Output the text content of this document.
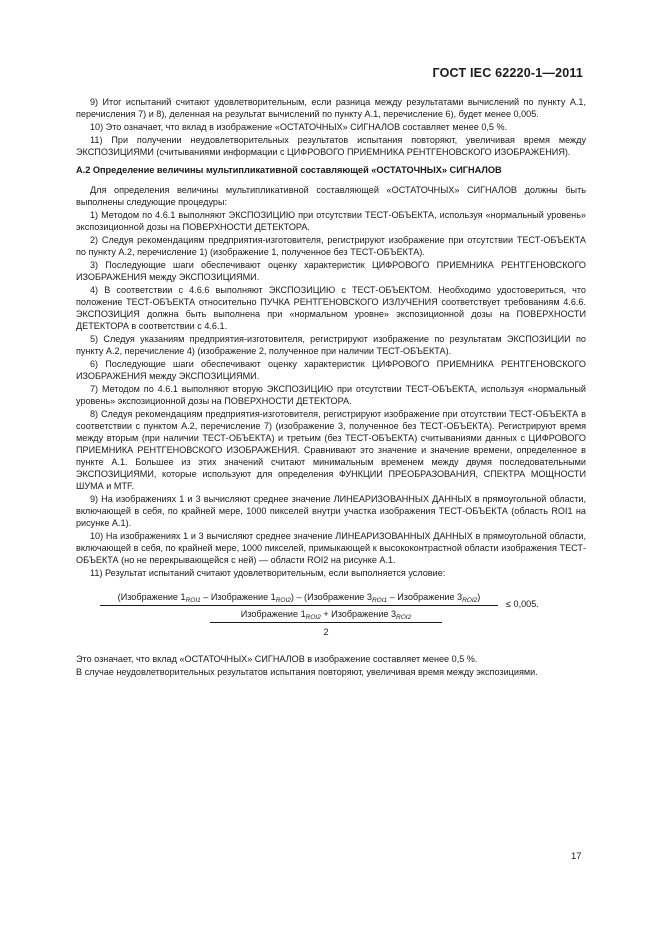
ГОСТ IEC 62220-1—2011

9) Итог испытаний считают удовлетворительным, если разница между результатами вычислений по пункту А.1, перечисления 7) и 8), деленная на результат вычислений по пункту А.1, перечисление 6), будет менее 0,005.

10) Это означает, что вклад в изображение «ОСТАТОЧНЫХ» СИГНАЛОВ составляет менее 0,5 %.

11) При получении неудовлетворительных результатов испытания повторяют, увеличивая время между ЭКСПОЗИЦИЯМИ (считываниями информации с ЦИФРОВОГО ПРИЕМНИКА РЕНТГЕНОВСКОГО ИЗОБРАЖЕНИЯ).

А.2 Определение величины мультипликативной составляющей «ОСТАТОЧНЫХ» СИГНАЛОВ

Для определения величины мультипликативной составляющей «ОСТАТОЧНЫХ» СИГНАЛОВ должны быть выполнены следующие процедуры:

1) Методом по 4.6.1 выполняют ЭКСПОЗИЦИЮ при отсутствии ТЕСТ-ОБЪЕКТА, используя «нормальный уровень» экспозиционной дозы на ПОВЕРХНОСТИ ДЕТЕКТОРА.

2) Следуя рекомендациям предприятия-изготовителя, регистрируют изображение при отсутствии ТЕСТ-ОБЪЕКТА по пункту А.2, перечисление 1) (изображение 1, полученное без ТЕСТ-ОБЪЕКТА).

3) Последующие шаги обеспечивают оценку характеристик ЦИФРОВОГО ПРИЕМНИКА РЕНТГЕНОВСКОГО ИЗОБРАЖЕНИЯ между ЭКСПОЗИЦИЯМИ.

4) В соответствии с 4.6.6 выполняют ЭКСПОЗИЦИЮ с ТЕСТ-ОБЪЕКТОМ. Необходимо удостовериться, что положение ТЕСТ-ОБЪЕКТА относительно ПУЧКА РЕНТГЕНОВСКОГО ИЗЛУЧЕНИЯ соответствует требованиям 4.6.6. ЭКСПОЗИЦИЯ должна быть выполнена при «нормальном уровне» экспозиционной дозы на ПОВЕРХНОСТИ ДЕТЕКТОРА в соответствии с 4.6.1.

5) Следуя указаниям предприятия-изготовителя, регистрируют изображение по результатам ЭКСПОЗИЦИИ по пункту А.2, перечисление 4) (изображение 2, полученное при наличии ТЕСТ-ОБЪЕКТА).

6) Последующие шаги обеспечивают оценку характеристик ЦИФРОВОГО ПРИЕМНИКА РЕНТГЕНОВСКОГО ИЗОБРАЖЕНИЯ между ЭКСПОЗИЦИЯМИ.

7) Методом по 4.6.1 выполняют вторую ЭКСПОЗИЦИЮ при отсутствии ТЕСТ-ОБЪЕКТА, используя «нормальный уровень» экспозиционной дозы на ПОВЕРХНОСТИ ДЕТЕКТОРА.

8) Следуя рекомендациям предприятия-изготовителя, регистрируют изображение при отсутствии ТЕСТ-ОБЪЕКТА в соответствии с пунктом А.2, перечисление 7) (изображение 3, полученное без ТЕСТ-ОБЪЕКТА). Регистрируют время между вторым (при наличии ТЕСТ-ОБЪЕКТА) и третьим (без ТЕСТ-ОБЪЕКТА) считываниями данных с ЦИФРОВОГО ПРИЕМНИКА РЕНТГЕНОВСКОГО ИЗОБРАЖЕНИЯ. Сравнивают это значение и значение времени, определенное в пункте А.1. Большее из этих значений считают минимальным временем между двумя последовательными ЭКСПОЗИЦИЯМИ, которые используют для определения ФУНКЦИИ ПРЕОБРАЗОВАНИЯ, СПЕКТРА МОЩНОСТИ ШУМА и MTF.

9) На изображениях 1 и 3 вычисляют среднее значение ЛИНЕАРИЗОВАННЫХ ДАННЫХ в прямоугольной области, включающей в себя, по крайней мере, 1000 пикселей внутри участка изображения ТЕСТ-ОБЪЕКТА (область ROI1 на рисунке А.1).

10) На изображениях 1 и 3 вычисляют среднее значение ЛИНЕАРИЗОВАННЫХ ДАННЫХ в прямоугольной области, включающей в себя, по крайней мере, 1000 пикселей, примыкающей к высококонтрастной области изображения ТЕСТ-ОБЪЕКТА (но не перекрывающейся с ней) — области ROI2 на рисунке А.1.

11) Результат испытаний считают удовлетворительным, если выполняется условие:

(Изображение $1_{ROI1}$ – Изображение $1_{ROI2}$) – (Изображение $3_{ROI1}$ – Изображение $3_{ROI2}$)
Изображение $1_{ROI2}$ + Изображение $3_{ROI2}$
2
≤ 0,005.

Это означает, что вклад «ОСТАТОЧНЫХ» СИГНАЛОВ в изображение составляет менее 0,5 %.

В случае неудовлетворительных результатов испытания повторяют, увеличивая время между экспозициями.

17
